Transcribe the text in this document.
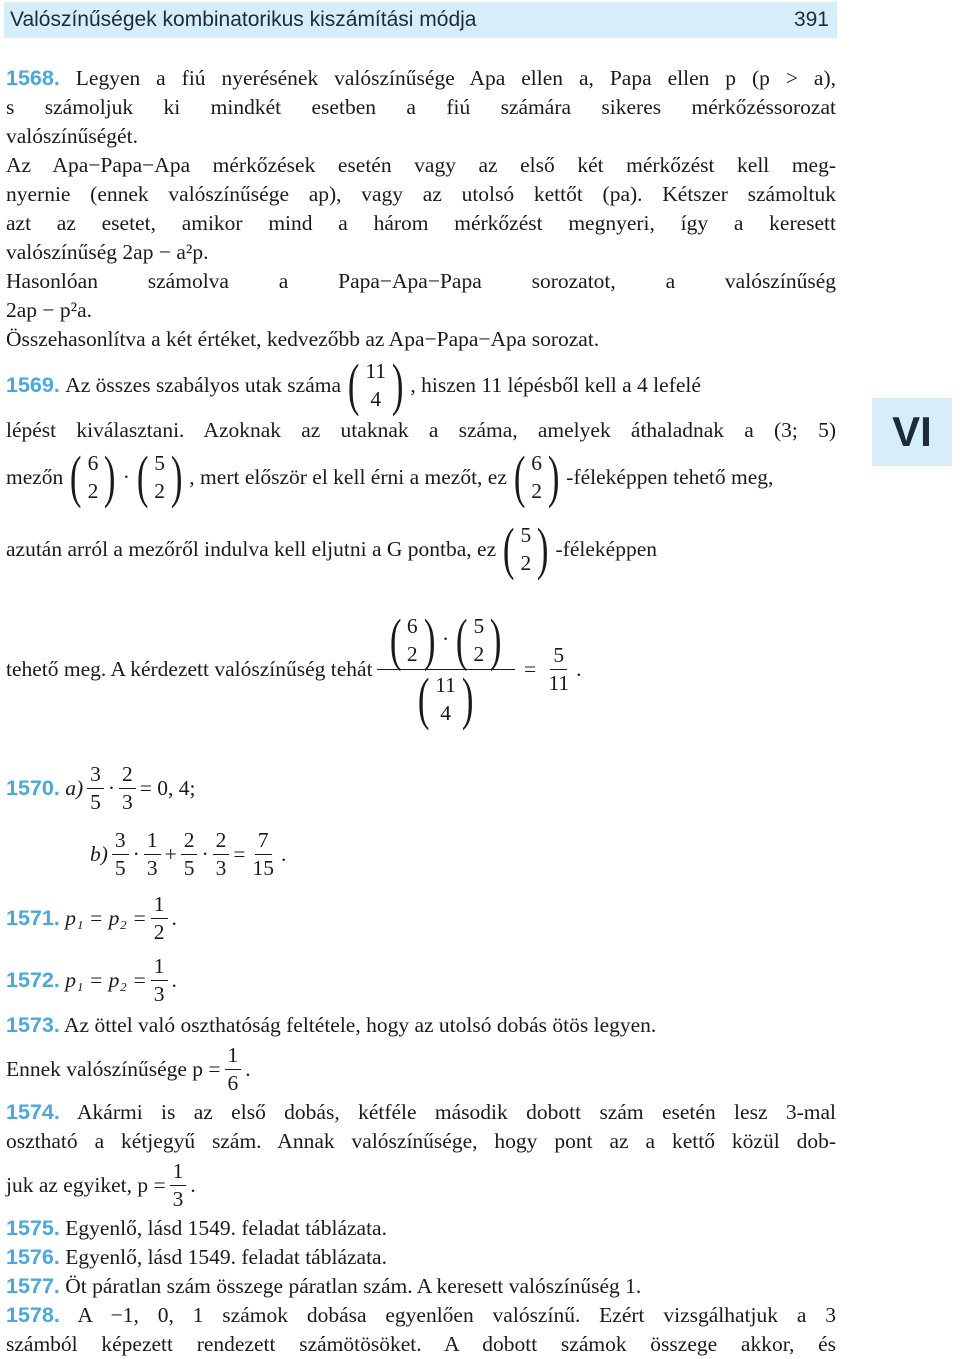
Valószínűségek kombinatorikus kiszámítási módja	391
VI

1568. Legyen a fiú nyerésének valószínűsége Apa ellen a, Papa ellen p (p > a),

s számoljuk ki mindkét esetben a fiú számára sikeres mérkőzéssorozat

valószínűségét.

Az Apa−Papa−Apa mérkőzések esetén vagy az első két mérkőzést kell meg-

nyernie (ennek valószínűsége ap), vagy az utolsó kettőt (pa). Kétszer számoltuk

azt az esetet, amikor mind a három mérkőzést megnyeri, így a keresett

valószínűség 2ap − a²p.

Hasonlóan számolva a Papa−Apa−Papa sorozatot, a valószínűség

2ap − p²a.

Összehasonlítva a két értéket, kedvezőbb az Apa−Papa−Apa sorozat.

1569.
Az összes szabályos utak száma ( 11
4 ) , hiszen 11 lépésből kell a 4 lefelé

lépést kiválasztani. Azoknak az utaknak a száma, amelyek áthaladnak a (3; 5)

mezőn ( 6
2 ) · ( 5
2 ) , mert először el kell érni a mezőt, ez ( 6
2 ) -féleképpen tehető meg,
azután arról a mezőről indulva kell eljutni a G pontba, ez ( 5
2 ) -féleképpen
tehető meg. A kérdezett valószínűség tehát ( 6
2 ) · ( 5
2 )
( 11
4 ) = $\frac{5}{11}$ .
1570.
$a) \frac{3}{5} \cdot \frac{2}{3} = 0$, 4;
$b) \frac{3}{5} \cdot \frac{1}{3} + \frac{2}{5} \cdot \frac{2}{3} = \frac{7}{15}$ .
1571.
$p_1 = p_2 = \frac{1}{2}$ .
1572.
$p_1 = p_2 = \frac{1}{3}$ .

1573. Az öttel való oszthatóság feltétele, hogy az utolsó dobás ötös legyen.

Ennek valószínűsége $p = \frac{1}{6}$ .

1574. Akármi is az első dobás, kétféle második dobott szám esetén lesz 3-mal

osztható a kétjegyű szám. Annak valószínűsége, hogy pont az a kettő közül dob-

juk az egyiket, $p = \frac{1}{3}$ .

1575. Egyenlő, lásd 1549. feladat táblázata.

1576. Egyenlő, lásd 1549. feladat táblázata.

1577. Öt páratlan szám összege páratlan szám. A keresett valószínűség 1.

1578. A −1, 0, 1 számok dobása egyenlően valószínű. Ezért vizsgálhatjuk a 3

számból képezett rendezett számötösöket. A dobott számok összege akkor, és
